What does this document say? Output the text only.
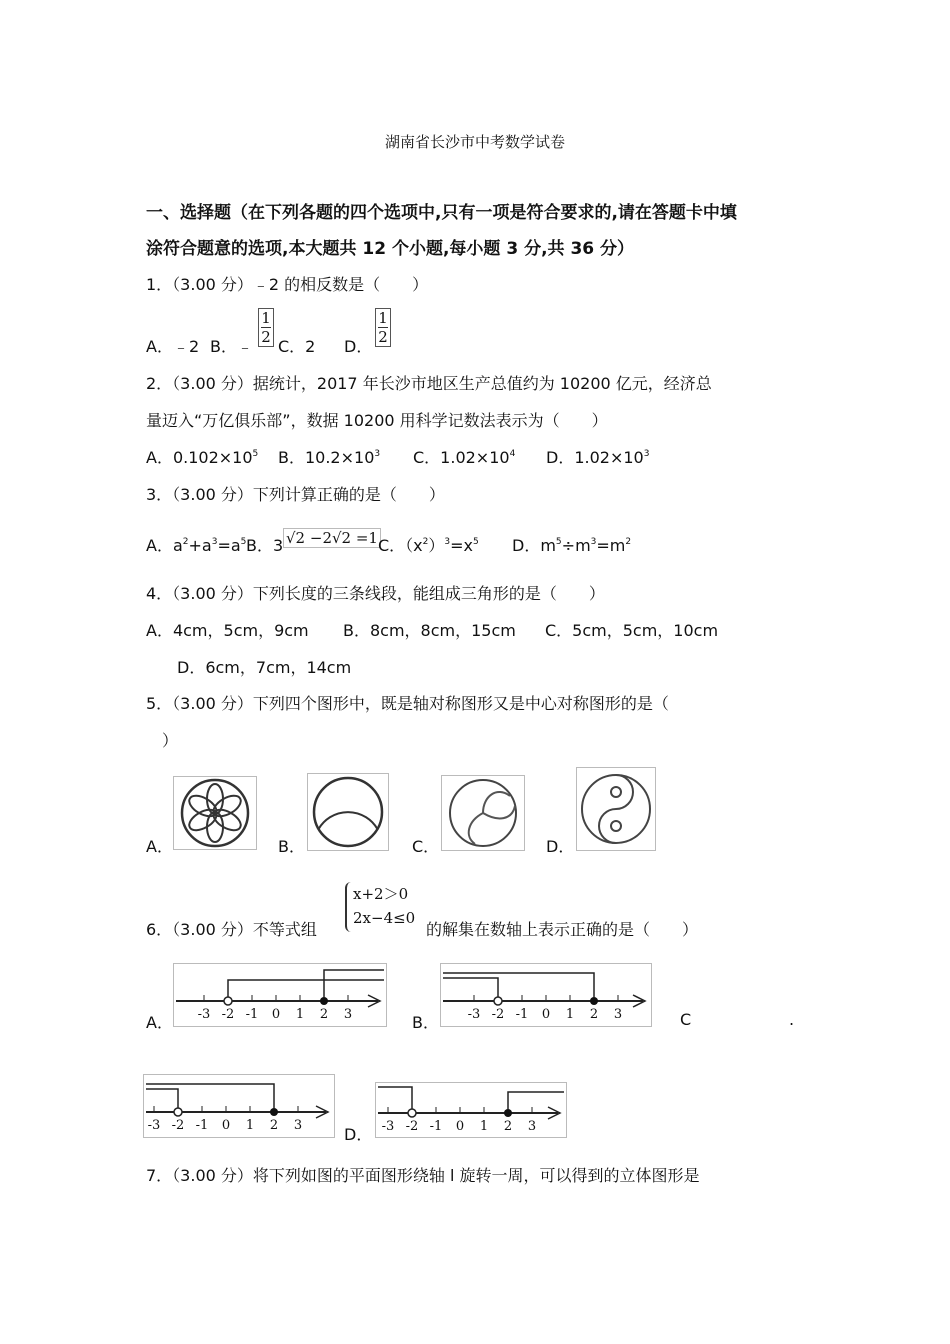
湖南省长沙市中考数学试卷
一、选择题（在下列各题的四个选项中,只有一项是符合要求的,请在答题卡中填
涂符合题意的选项,本大题共 12 个小题,每小题 3 分,共 36 分）
1．（3.00 分）﹣2 的相反数是（　　）
A．﹣2 B．﹣
1
2 C．2 D．
1
2
2．（3.00 分）据统计，2017 年长沙市地区生产总值约为 10200 亿元，经济总
量迈入“万亿俱乐部”，数据 10200 用科学记数法表示为（　　）
A．$0.102\times 10^5$ B．$10.2\times 10^3$ C．$1.02\times 10^4$ D．$1.02\times 10^3$
3．（3.00 分）下列计算正确的是（　　）
A．$a^2+a^3=a^5$ B．3 √2 −2√2 =1 C．$(x^2)^3=x^5$ D．$m^5\div m^3=m^2$
4．（3.00 分）下列长度的三条线段，能组成三角形的是（　　）
A．4cm，5cm，9cm B．8cm，8cm，15cm C．5cm，5cm，10cm
D．6cm，7cm，14cm
5．（3.00 分）下列四个图形中，既是轴对称图形又是中心对称图形的是（
）
A．	B．	C．	D．
6．（3.00 分）不等式组
x+2＞0
2x−4≤0
的解集在数轴上表示正确的是（　　）
A． -3 -2 -1 0 1 2 3	B． -3 -2 -1 0 1 2 3	C	.
-3 -2 -1 0 1 2 3	D． -3 -2 -1 0 1 2 3
7．（3.00 分）将下列如图的平面图形绕轴 l 旋转一周，可以得到的立体图形是
